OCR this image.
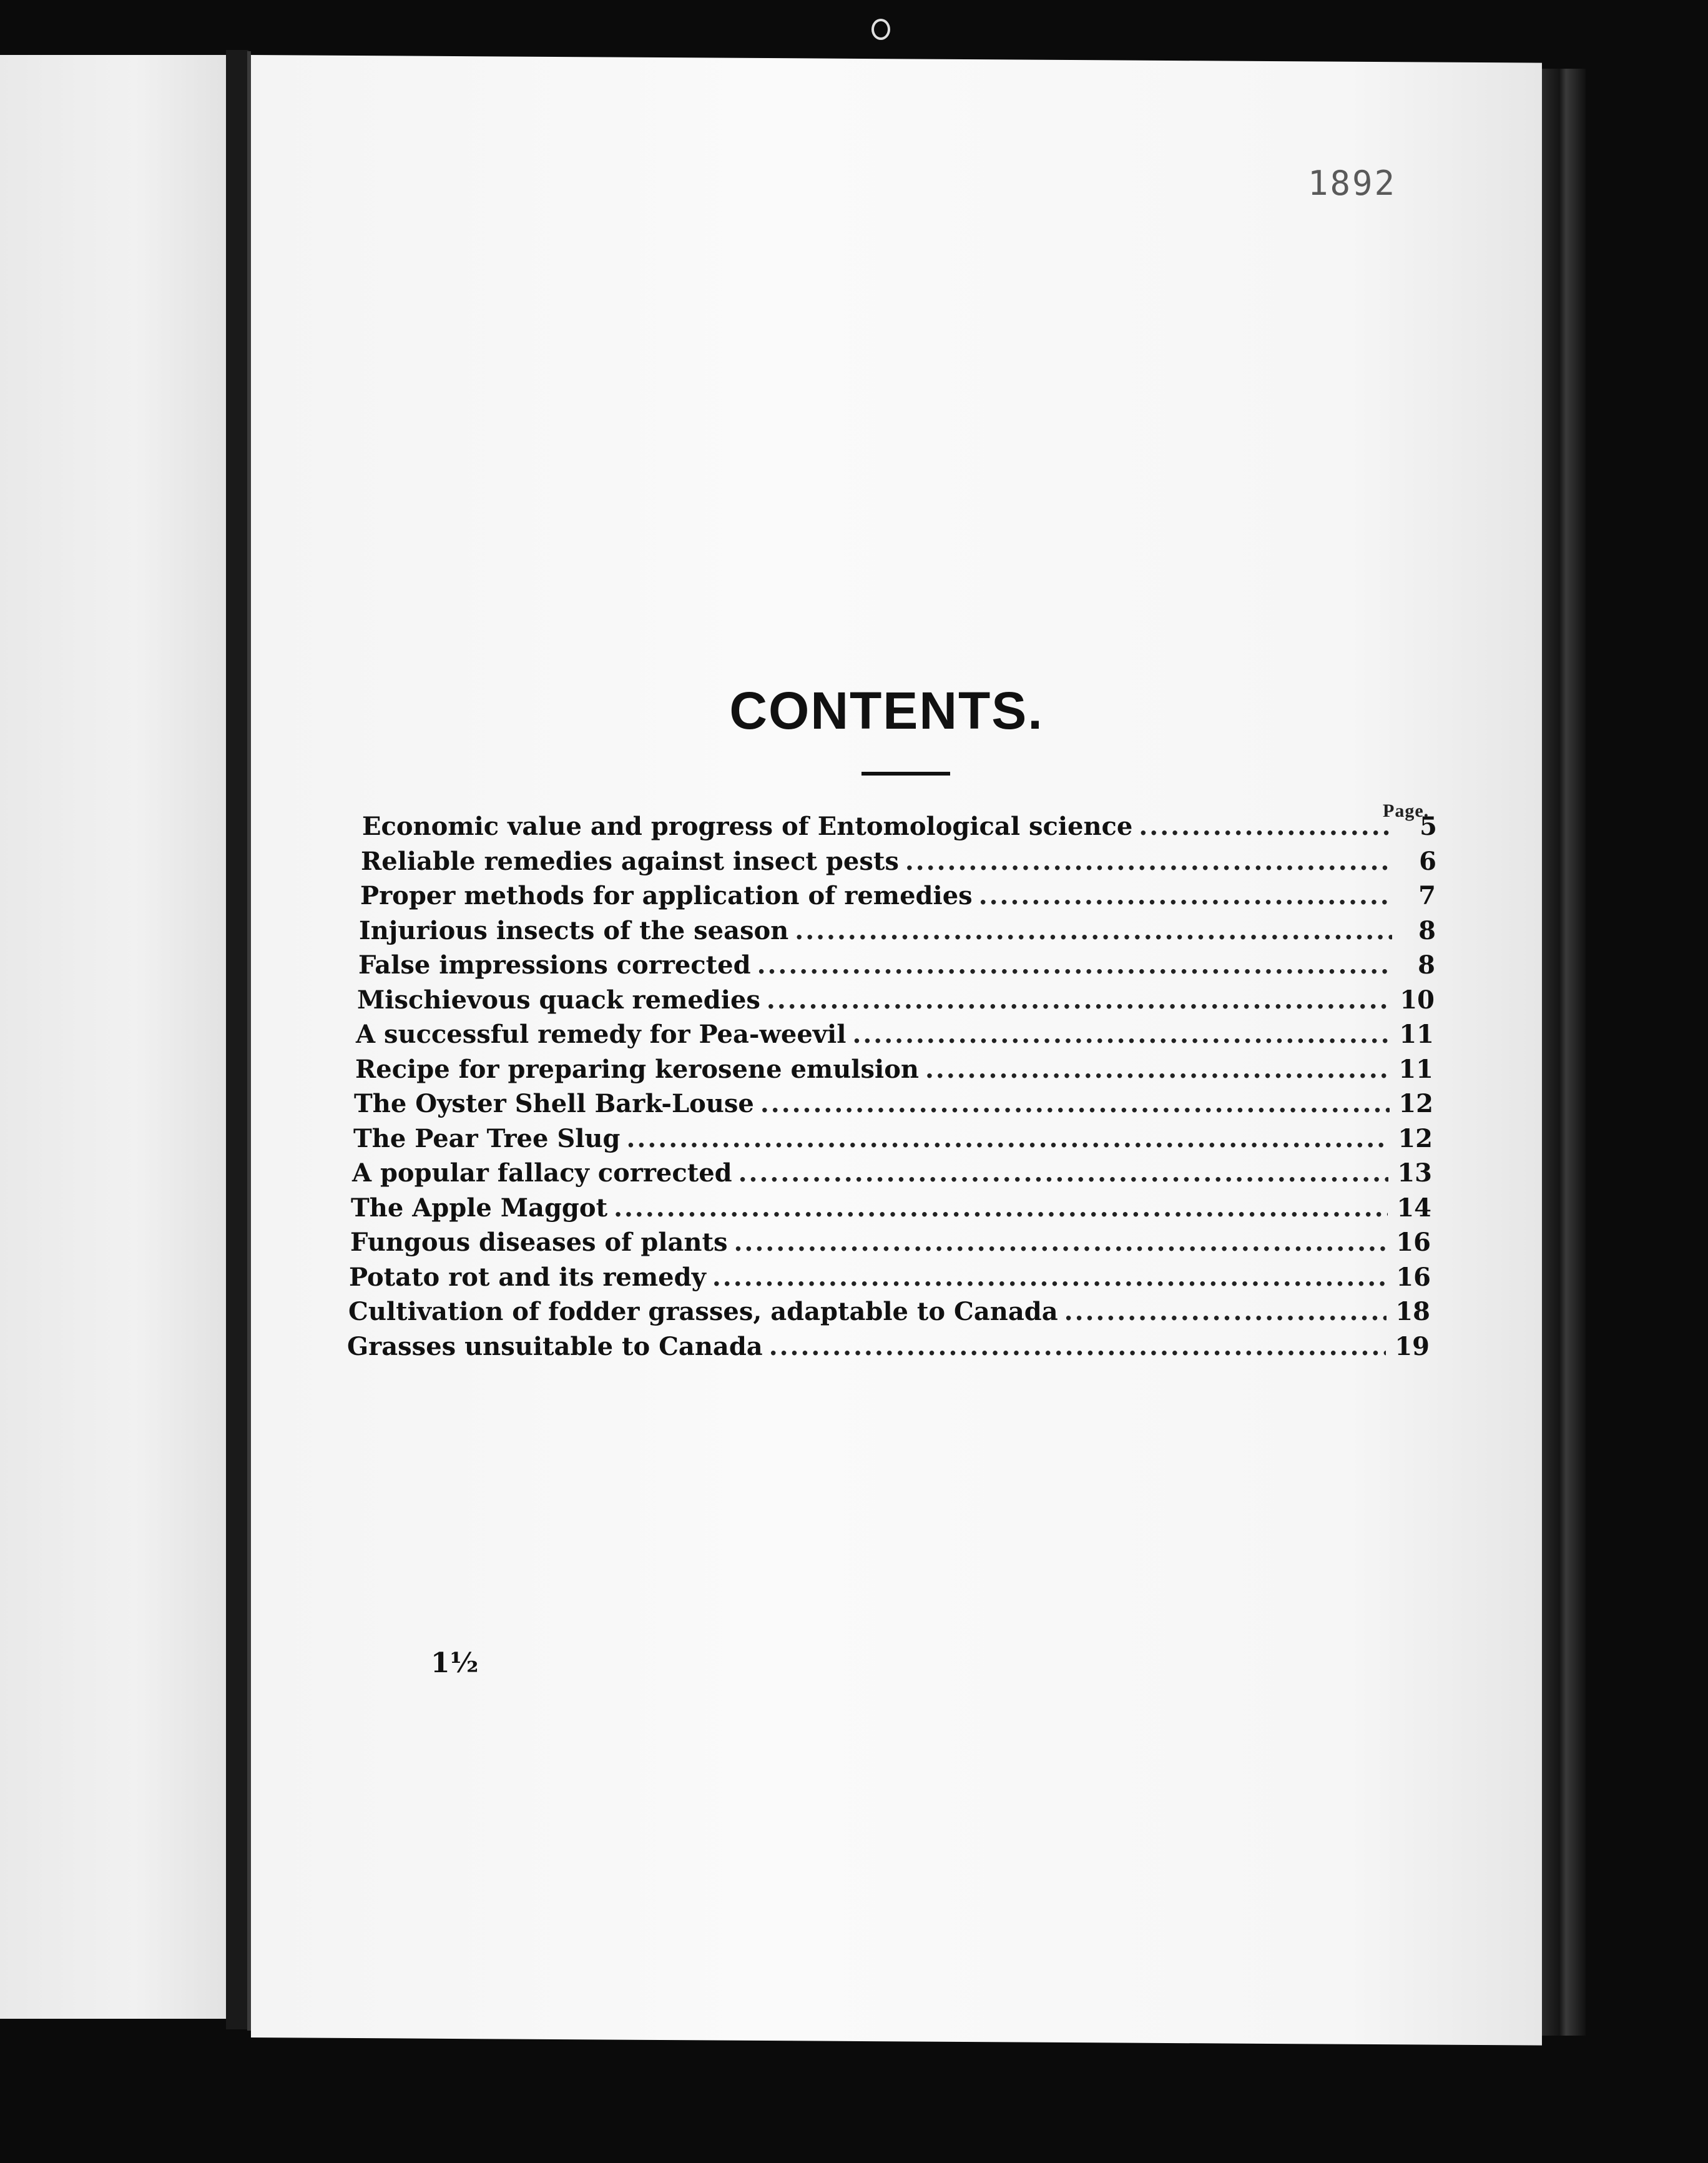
1892
CONTENTS.
Page.
Economic value and progress of Entomological science .....	5
Reliable remedies against insect pests .....	6
Proper methods for application of remedies .....	7
Injurious insects of the season .....	8
False impressions corrected .....	8
Mischievous quack remedies .....	10
A successful remedy for Pea-weevil .....	11
Recipe for preparing kerosene emulsion .....	11
The Oyster Shell Bark-Louse .....	12
The Pear Tree Slug .....	12
A popular fallacy corrected .....	13
The Apple Maggot .....	14
Fungous diseases of plants .....	16
Potato rot and its remedy .....	16
Cultivation of fodder grasses, adaptable to Canada .....	18
Grasses unsuitable to Canada .....	19
1½
